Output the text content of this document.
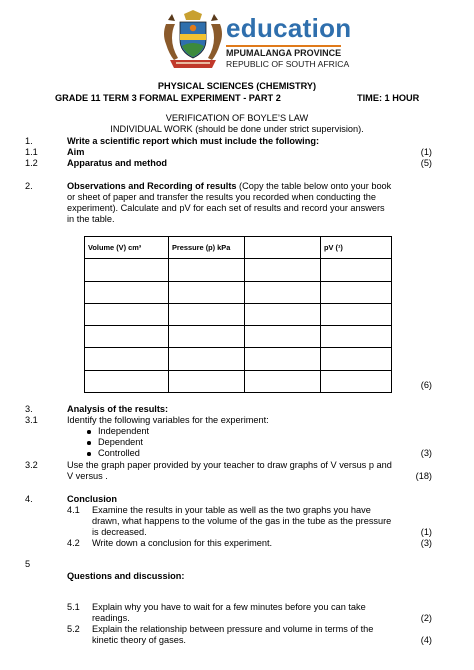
education
MPUMALANGA PROVINCE
REPUBLIC OF SOUTH AFRICA
PHYSICAL SCIENCES (CHEMISTRY)
GRADE 11 TERM 3 FORMAL EXPERIMENT - PART 2	TIME: 1 HOUR
VERIFICATION OF BOYLE’S LAW
INDIVIDUAL WORK (should be done under strict supervision).
1.	Write a scientific report which must include the following:
1.1	Aim	(1)
1.2	Apparatus and method	(5)
2.	Observations and Recording of results (Copy the table below onto your book
or sheet of paper and transfer the results you recorded when conducting the
experiment). Calculate and pV for each set of results and record your answers
in the table.
Volume (V) cm³	Pressure (p) kPa		pV (¹)

(6)
3.	Analysis of the results:
3.1	Identify the following variables for the experiment:
Independent
Dependent
Controlled	(3)
3.2	Use the graph paper provided by your teacher to draw graphs of V versus p and
V versus .	(18)
4.	Conclusion
4.1 Examine the results in your table as well as the two graphs you have
drawn, what happens to the volume of the gas in the tube as the pressure
is decreased.	(1)
4.2 Write down a conclusion for this experiment.	(3)
5
Questions and discussion:
5.1 Explain why you have to wait for a few minutes before you can take
readings.	(2)
5.2 Explain the relationship between pressure and volume in terms of the
kinetic theory of gases.	(4)
